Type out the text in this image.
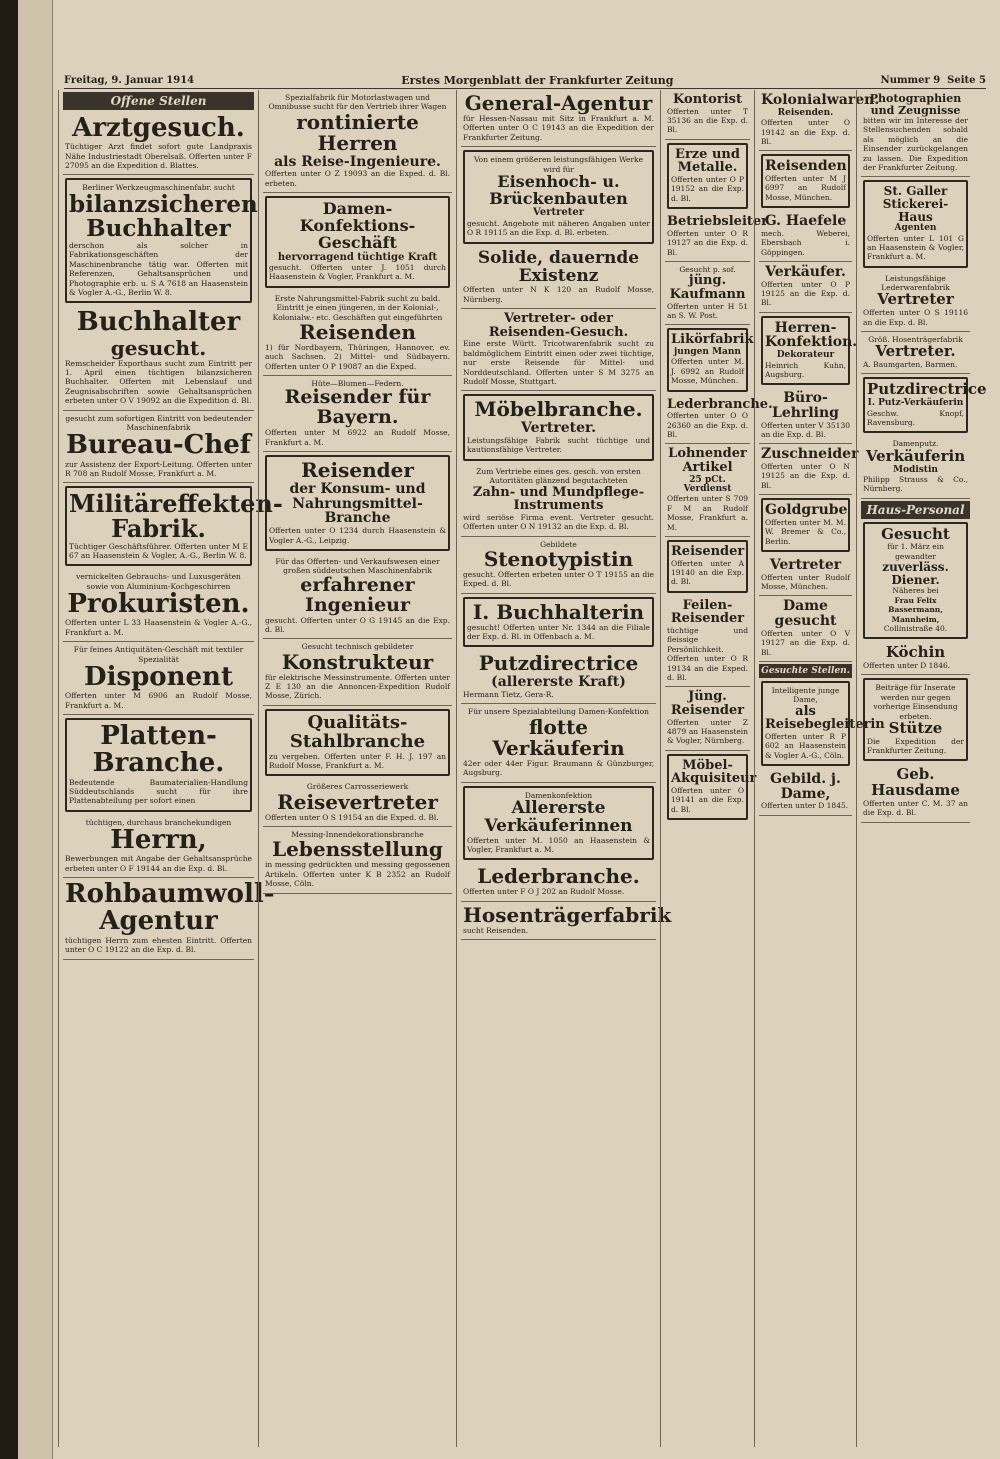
Freitag, 9. Januar 1914	Erstes Morgenblatt der Frankfurter Zeitung	Nummer 9 Seite 5
Offene Stellen
Arztgesuch.
Tüchtiger Arzt findet sofort gute Landpraxis Nähe Industriestadt Oberelsaß. Offerten unter F 27095 an die Expedition d. Blattes.
Berliner Werkzeugmaschinenfabr. sucht
bilanzsicheren Buchhalter
derschon als solcher in Fabrikationsgeschäften der Maschinenbranche tätig war. Offerten mit Referenzen, Gehaltsansprüchen und Photographie erb. u. S A 7618 an Haasenstein & Vogler A.-G., Berlin W. 8.
Buchhalter
gesucht.
Remscheider Exporthaus sucht zum Eintritt per 1. April einen tüchtigen bilanzsicheren Buchhalter. Offerten mit Lebenslauf und Zeugnisabschriften sowie Gehaltsansprüchen erbeten unter O V 19092 an die Expedition d. Bl.
gesucht zum sofortigen Eintritt von bedeutender Maschinenfabrik
Bureau-Chef
zur Assistenz der Export-Leitung. Offerten unter R 708 an Rudolf Mosse, Frankfurt a. M.
Militäreffekten-Fabrik.
Tüchtiger Geschäftsführer. Offerten unter M E 67 an Haasenstein & Vogler, A.-G., Berlin W. 8.
vernickelten Gebrauchs- und Luxusgeräten sowie von Aluminium-Kochgeschirren
Prokuristen.
Offerten unter L 33 Haasenstein & Vogler A.-G., Frankfurt a. M.
Für feines Antiquitäten-Geschäft mit textiler Spezialität
Disponent
Offerten unter M 6906 an Rudolf Mosse, Frankfurt a. M.
Platten-Branche.
Bedeutende Baumaterialien-Handlung Süddeutschlands sucht für ihre Plattenabteilung per sofort einen
tüchtigen, durchaus branchekundigen
Herrn,
Bewerbungen mit Angabe der Gehaltsansprüche erbeten unter O F 19144 an die Exp. d. Bl.
Rohbaumwoll-Agentur
tüchtigen Herrn zum ehesten Eintritt. Offerten unter O C 19122 an die Exp. d. Bl.
Spezialfabrik für Motorlastwagen und Omnibusse sucht für den Vertrieb ihrer Wagen
rontinierte Herren
als Reise-Ingenieure.
Offerten unter O Z 19093 an die Exped. d. Bl. erbeten.
Damen-Konfektions-Geschäft
hervorragend tüchtige Kraft
gesucht. Offerten unter J. 1051 durch Haasenstein & Vogler, Frankfurt a. M.
Erste Nahrungsmittel-Fabrik sucht zu bald. Eintritt je einen jüngeren, in der Kolonial-, Kolonialw.- etc. Geschäften gut eingeführten
Reisenden
1) für Nordbayern, Thüringen, Hannover, ev. auch Sachsen. 2) Mittel- und Südbayern. Offerten unter O P 19087 an die Exped.
Hüte—Blumen—Federn.
Reisender für Bayern.
Offerten unter M 6922 an Rudolf Mosse, Frankfurt a. M.
Reisender
der Konsum- und Nahrungsmittel-Branche
Offerten unter O 1234 durch Haasenstein & Vogler A.-G., Leipzig.
Für das Offerten- und Verkaufswesen einer großen süddeutschen Maschinenfabrik
erfahrener Ingenieur
gesucht. Offerten unter O G 19145 an die Exp. d. Bl.
Gesucht technisch gebildeter
Konstrukteur
für elektrische Messinstrumente. Offerten unter Z E 130 an die Annoncen-Expedition Rudolf Mosse, Zürich.
Qualitäts-Stahlbranche
zu vergeben. Offerten unter F. H. J. 197 an Rudolf Mosse, Frankfurt a. M.
Größeres Carrosseriewerk
Reisevertreter
Offerten unter O S 19154 an die Exped. d. Bl.
Messing-Innendekorationsbranche
Lebensstellung
in messing gedrückten und messing gegossenen Artikeln. Offerten unter K B 2352 an Rudolf Mosse, Cöln.
General-Agentur
für Hessen-Nassau mit Sitz in Frankfurt a. M. Offerten unter O C 19143 an die Expedition der Frankfurter Zeitung.
Von einem größeren leistungsfähigen Werke wird für
Eisenhoch- u. Brückenbauten
Vertreter
gesucht. Angebote mit näheren Angaben unter O R 19115 an die Exp. d. Bl. erbeten.
Solide, dauernde Existenz
Offerten unter N K 120 an Rudolf Mosse, Nürnberg.
Vertreter- oder Reisenden-Gesuch.
Eine erste Württ. Tricotwarenfabrik sucht zu baldmöglichem Eintritt einen oder zwei tüchtige, nur erste Reisende für Mittel- und Norddeutschland. Offerten unter S M 3275 an Rudolf Mosse, Stuttgart.
Möbelbranche.
Vertreter.
Leistungsfähige Fabrik sucht tüchtige und kautionsfähige Vertreter.
Zum Vertriebe eines ges. gesch. von ersten Autoritäten glänzend begutachteten
Zahn- und Mundpflege-Instruments
wird seriöse Firma event. Vertreter gesucht. Offerten unter O N 19132 an die Exp. d. Bl.
Gebildete
Stenotypistin
gesucht. Offerten erbeten unter O T 19155 an die Exped. d. Bl.
I. Buchhalterin
gesucht! Offerten unter Nr. 1344 an die Filiale der Exp. d. Bl. in Offenbach a. M.
Putzdirectrice
(allererste Kraft)
Hermann Tietz, Gera-R.
Für unsere Spezialabteilung Damen-Konfektion
flotte Verkäuferin
42er oder 44er Figur. Braumann & Günzburger, Augsburg.
Damenkonfektion
Allererste Verkäuferinnen
Offerten unter M. 1050 an Haasenstein & Vogler, Frankfurt a. M.
Lederbranche.
Offerten unter F O J 202 an Rudolf Mosse.
Hosenträgerfabrik
sucht Reisenden.
Kontorist
Offerten unter T 35136 an die Exp. d. Bl.
Erze und Metalle.
Offerten unter O P 19152 an die Exp. d. Bl.
Betriebsleiter
Offerten unter O R 19127 an die Exp. d. Bl.
Gesucht p. sof.
jüng. Kaufmann
Offerten unter H 51 an S. W. Post.
Likörfabrik
jungen Mann
Offerten unter M. J. 6992 an Rudolf Mosse, München.
Lederbranche.
Offerten unter O O 26360 an die Exp. d. Bl.
Lohnender Artikel
25 pCt. Verdienst
Offerten unter S 709 F M an Rudolf Mosse, Frankfurt a. M.
Reisender
Offerten unter A 19140 an die Exp. d. Bl.
Feilen-Reisender
tüchtige und fleissige Persönlichkeit. Offerten unter O R 19134 an die Exped. d. Bl.
Jüng. Reisender
Offerten unter Z 4879 an Haasenstein & Vogler, Nürnberg.
Möbel-Akquisiteur
Offerten unter O 19141 an die Exp. d. Bl.
Kolonialwaren.
Reisenden.
Offerten unter O 19142 an die Exp. d. Bl.
Reisenden
Offerten unter M J 6997 an Rudolf Mosse, München.
G. Haefele
mech. Weberei, Ebersbach i. Göppingen.
Verkäufer.
Offerten unter O P 19125 an die Exp. d. Bl.
Herren-Konfektion.
Dekorateur
Heinrich Kuhn, Augsburg.
Büro-Lehrling
Offerten unter V 35130 an die Exp. d. Bl.
Zuschneider
Offerten unter O N 19125 an die Exp. d. Bl.
Goldgrube
Offerten unter M. M. W. Bremer & Co., Berlin.
Vertreter
Offerten unter Rudolf Mosse, München.
Dame gesucht
Offerten unter O V 19127 an die Exp. d. Bl.
Gesuchte Stellen.
Intelligente junge Dame,
als Reisebegleiterin
Offerten unter R P 602 an Haasenstein & Vogler A.-G., Cöln.
Gebild. j. Dame,
Offerten unter D 1845.
Photographien und Zeugnisse
bitten wir im Interesse der Stellensuchenden sobald als möglich an die Einsender zurückgelangen zu lassen. Die Expedition der Frankfurter Zeitung.
St. Galler Stickerei-Haus
Agenten
Offerten unter L 101 G an Haasenstein & Vogler, Frankfurt a. M.
Leistungsfähige Lederwarenfabrik
Vertreter
Offerten unter O S 19116 an die Exp. d. Bl.
Größ. Hosenträgerfabrik
Vertreter.
A. Baumgarten, Barmen.
Putzdirectrice
I. Putz-Verkäuferin
Geschw. Knopf, Ravensburg.
Damenputz.
Verkäuferin
Modistin
Philipp Strauss & Co., Nürnberg.
Haus-Personal
Gesucht
für 1. März ein gewandter
zuverläss. Diener.
Näheres bei
Frau Felix Bassermann, Mannheim,
Collinistraße 40.
Köchin
Offerten unter D 1846.
Beiträge für Inserate werden nur gegen vorherige Einsendung erbeten.
Stütze
Die Expedition der Frankfurter Zeitung.
Geb. Hausdame
Offerten unter C. M. 37 an die Exp. d. Bl.
